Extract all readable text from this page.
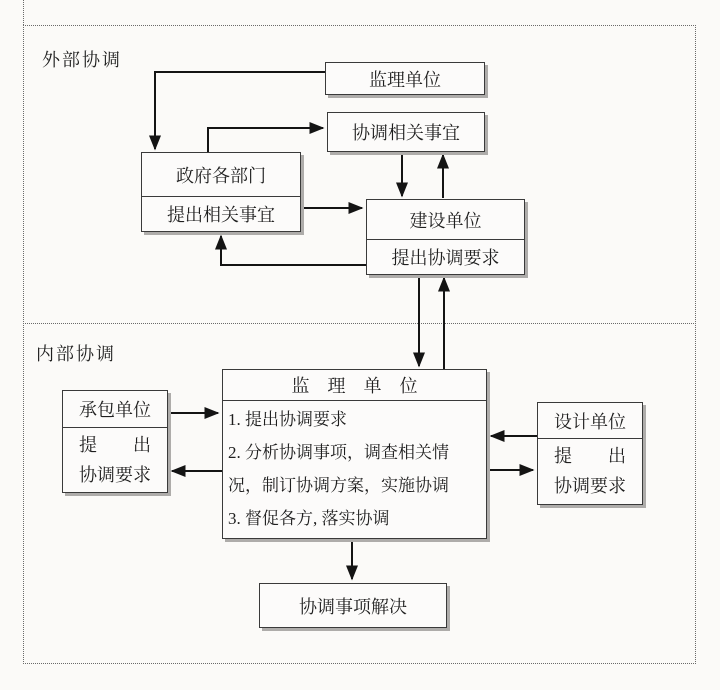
外部协调
内部协调
监理单位
协调相关事宜
政府各部门
提出相关事宜	建设单位
提出协调要求
承包单位
提　　出
协调要求
监　理　单　位
1. 提出协调要求
2. 分析协调事项，调查相关情况，制订协调方案，实施协调
3. 督促各方, 落实协调
设计单位
提　　出
协调要求
协调事项解决
